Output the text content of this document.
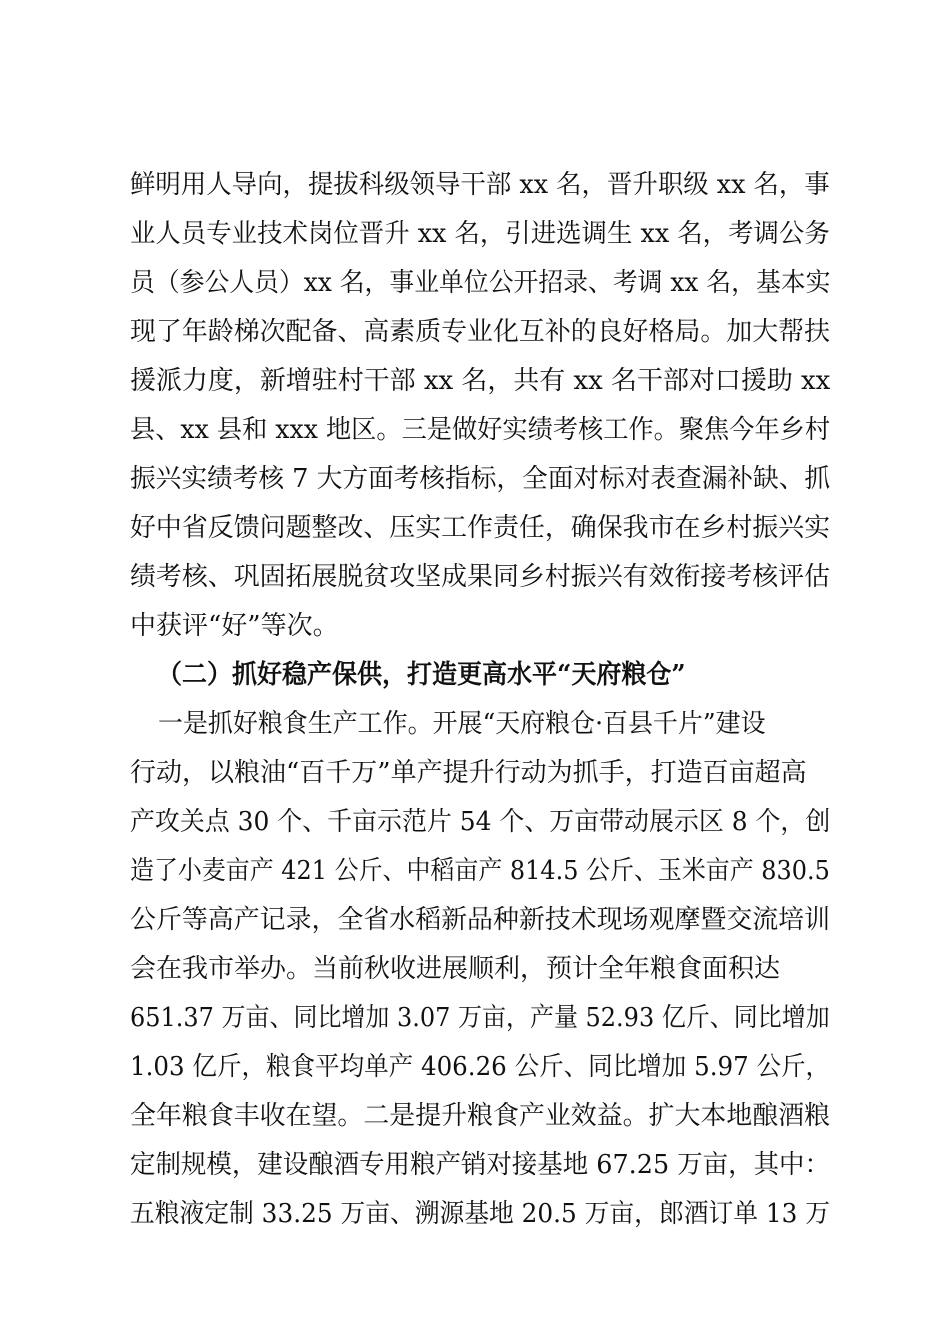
鲜明用人导向，提拔科级领导干部 xx 名，晋升职级 xx 名，事
业人员专业技术岗位晋升 xx 名，引进选调生 xx 名，考调公务
员（参公人员）xx 名，事业单位公开招录、考调 xx 名，基本实
现了年龄梯次配备、高素质专业化互补的良好格局。加大帮扶
援派力度，新增驻村干部 xx 名，共有 xx 名干部对口援助 xx
县、xx 县和 xxx 地区。三是做好实绩考核工作。聚焦今年乡村
振兴实绩考核 7 大方面考核指标，全面对标对表查漏补缺、抓
好中省反馈问题整改、压实工作责任，确保我市在乡村振兴实
绩考核、巩固拓展脱贫攻坚成果同乡村振兴有效衔接考核评估
中获评“好”等次。
（二）抓好稳产保供，打造更高水平“天府粮仓”
一是抓好粮食生产工作。开展“天府粮仓·百县千片”建设
行动，以粮油“百千万”单产提升行动为抓手，打造百亩超高
产攻关点 30 个、千亩示范片 54 个、万亩带动展示区 8 个，创
造了小麦亩产 421 公斤、中稻亩产 814.5 公斤、玉米亩产 830.5
公斤等高产记录，全省水稻新品种新技术现场观摩暨交流培训
会在我市举办。当前秋收进展顺利，预计全年粮食面积达
651.37 万亩、同比增加 3.07 万亩，产量 52.93 亿斤、同比增加
1.03 亿斤，粮食平均单产 406.26 公斤、同比增加 5.97 公斤，
全年粮食丰收在望。二是提升粮食产业效益。扩大本地酿酒粮
定制规模，建设酿酒专用粮产销对接基地 67.25 万亩，其中：
五粮液定制 33.25 万亩、溯源基地 20.5 万亩，郎酒订单 13 万
